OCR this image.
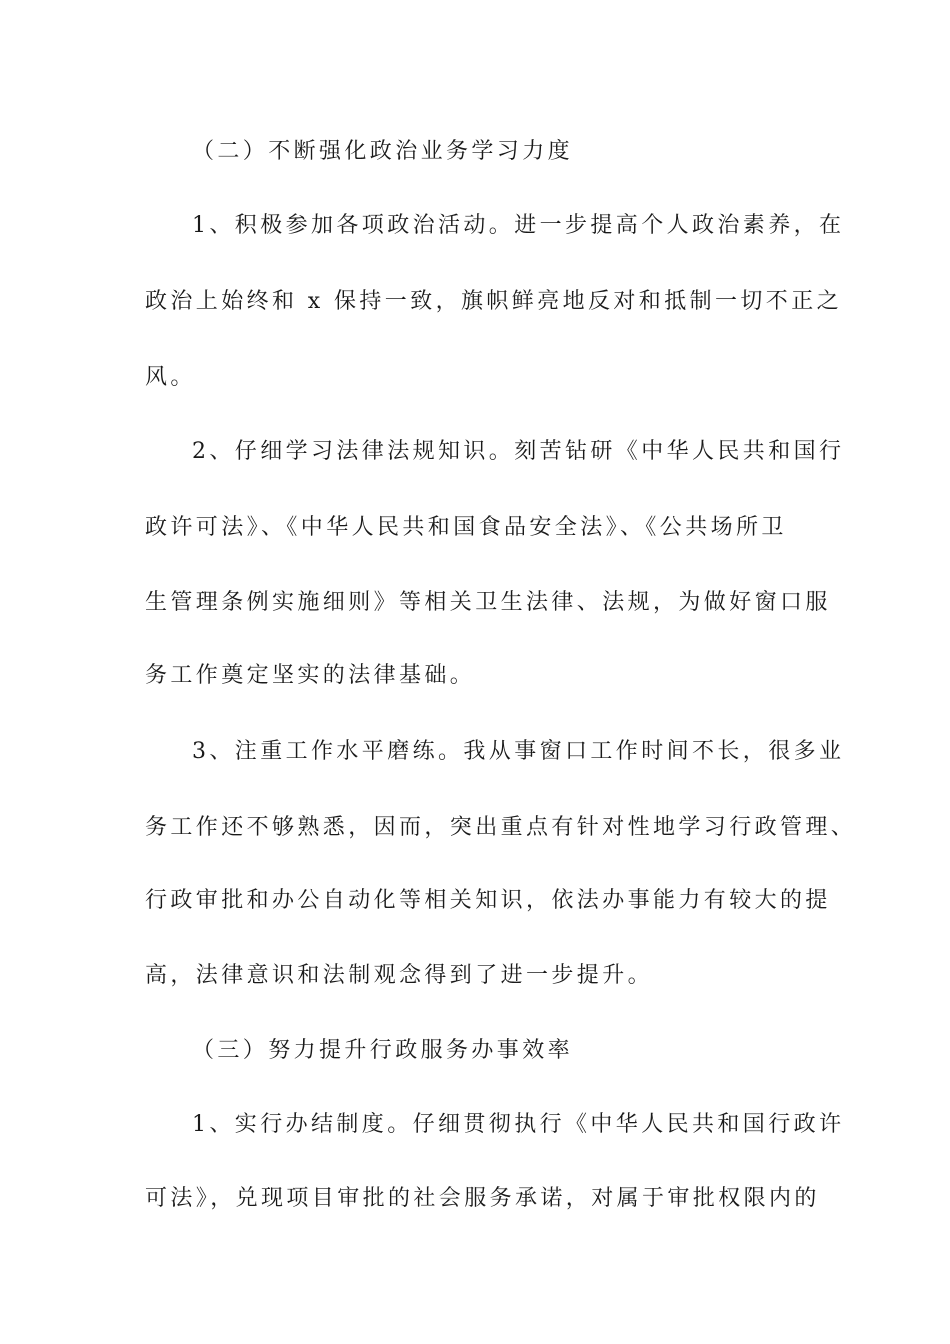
（二）不断强化政治业务学习力度
1、积极参加各项政治活动。进一步提高个人政治素养，在
政治上始终和 x 保持一致，旗帜鲜亮地反对和抵制一切不正之
风。
2、仔细学习法律法规知识。刻苦钻研《中华人民共和国行
政许可法》、《中华人民共和国食品安全法》、《公共场所卫
生管理条例实施细则》等相关卫生法律、法规，为做好窗口服
务工作奠定坚实的法律基础。
3、注重工作水平磨练。我从事窗口工作时间不长，很多业
务工作还不够熟悉，因而，突出重点有针对性地学习行政管理、
行政审批和办公自动化等相关知识，依法办事能力有较大的提
高，法律意识和法制观念得到了进一步提升。
（三）努力提升行政服务办事效率
1、实行办结制度。仔细贯彻执行《中华人民共和国行政许
可法》，兑现项目审批的社会服务承诺，对属于审批权限内的
